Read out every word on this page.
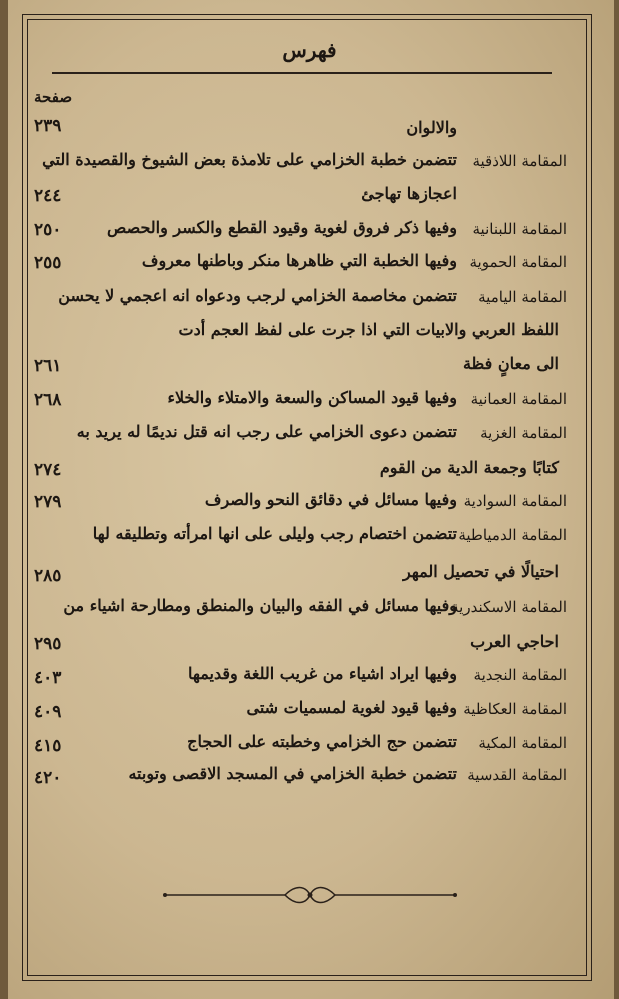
فهرس
صفحة
والالوان
٢٣٩
المقامة اللاذقية
تتضمن خطبة الخزامي على تلامذة بعض الشيوخ والقصيدة التي
اعجازها تهاجئ
٢٤٤
المقامة اللبنانية
وفيها ذكر فروق لغوية وقيود القطع والكسر والحصص
٢٥٠
المقامة الحموية
وفيها الخطبة التي ظاهرها منكر وباطنها معروف
٢٥٥
المقامة اليامية
تتضمن مخاصمة الخزامي لرجب ودعواه انه اعجمي لا يحسن
اللفظ العربي والابيات التي اذا جرت على لفظ العجم أدت
الى معانٍ فظة
٢٦١
المقامة العمانية
وفيها قيود المساكن والسعة والامتلاء والخلاء
٢٦٨
المقامة الغزية
تتضمن دعوى الخزامي على رجب انه قتل نديمًا له يريد به
كتابًا وجمعة الدية من القوم
٢٧٤
المقامة السوادية
وفيها مسائل في دقائق النحو والصرف
٢٧٩
المقامة الدمياطية
تتضمن اختصام رجب وليلى على انها امرأته وتطليقه لها
احتيالًا في تحصيل المهر
٢٨٥
المقامة الاسكندرية
وفيها مسائل في الفقه والبيان والمنطق ومطارحة اشياء من
احاجي العرب
٢٩٥
المقامة النجدية
وفيها ايراد اشياء من غريب اللغة وقديمها
٤٠٣
المقامة العكاظية
وفيها قيود لغوية لمسميات شتى
٤٠٩
المقامة المكية
تتضمن حج الخزامي وخطبته على الحجاج
٤١٥
المقامة القدسية
تتضمن خطبة الخزامي في المسجد الاقصى وتوبته
٤٢٠
